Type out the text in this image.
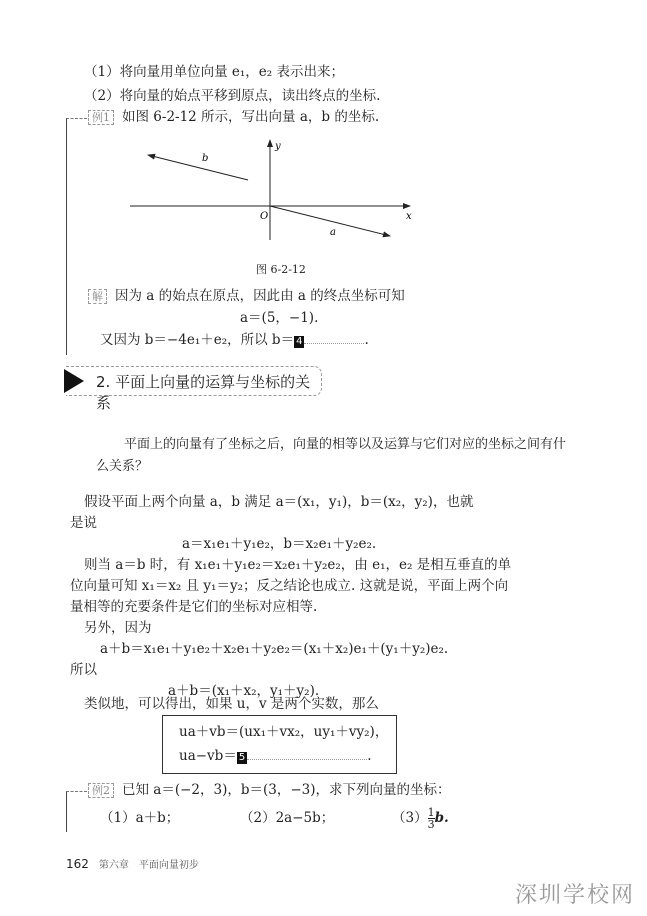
（1）将向量用单位向量 e₁，e₂ 表示出来；
（2）将向量的始点平移到原点，读出终点的坐标.
例1 如图 6-2-12 所示，写出向量 a，b 的坐标.
x
y
O
a
b
图 6-2-12
解 因为 a 的始点在原点，因此由 a 的终点坐标可知
a＝(5，−1).
又因为 b＝−4e₁＋e₂，所以 b＝ 4	.
2. 平面上向量的运算与坐标的关系
平面上的向量有了坐标之后，向量的相等以及运算与它们对应的坐标之间有什
么关系？
假设平面上两个向量 a，b 满足 a＝(x₁，y₁)，b＝(x₂，y₂)，也就
是说
a＝x₁e₁＋y₁e₂，b＝x₂e₁＋y₂e₂.
则当 a＝b 时，有 x₁e₁＋y₁e₂＝x₂e₁＋y₂e₂，由 e₁，e₂ 是相互垂直的单
位向量可知 x₁＝x₂ 且 y₁＝y₂；反之结论也成立. 这就是说，平面上两个向
量相等的充要条件是它们的坐标对应相等.
另外，因为
a＋b＝x₁e₁＋y₁e₂＋x₂e₁＋y₂e₂＝(x₁＋x₂)e₁＋(y₁＋y₂)e₂.
所以
a＋b＝(x₁＋x₂，y₁＋y₂).
类似地，可以得出，如果 u，v 是两个实数，那么
ua＋vb＝(ux₁＋vx₂，uy₁＋vy₂)，
ua−vb＝ 5	.
例2 已知 a＝(−2，3)，b＝(3，−3)，求下列向量的坐标：
（1）a＋b；	（2）2a−5b；	$(3) \frac{1}{3} b$.
162 第六章　平面向量初步
深圳学校网
